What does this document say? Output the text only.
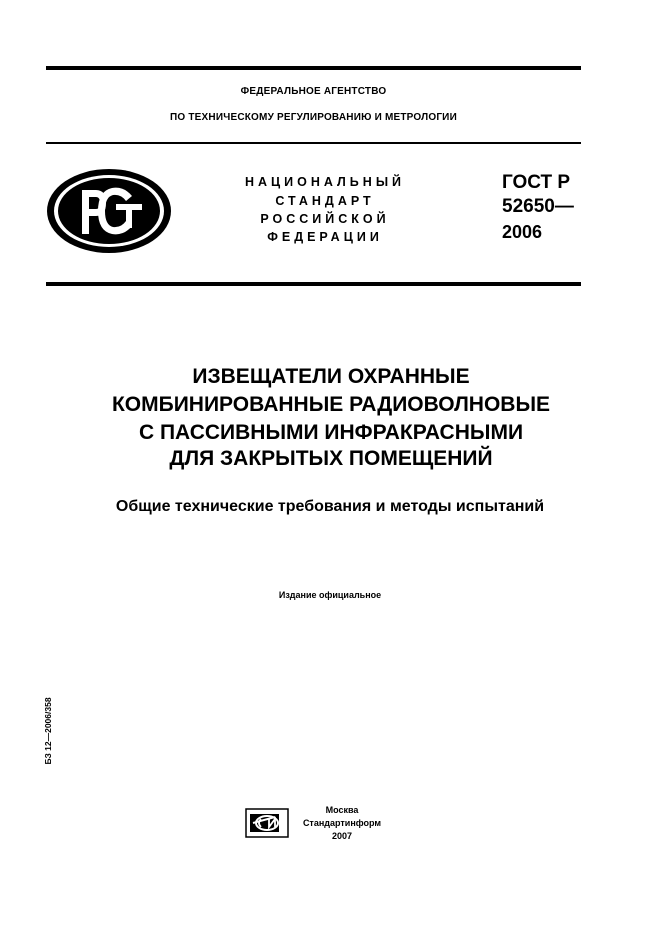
ФЕДЕРАЛЬНОЕ АГЕНТСТВО
ПО ТЕХНИЧЕСКОМУ РЕГУЛИРОВАНИЮ И МЕТРОЛОГИИ
НАЦИОНАЛЬНЫЙ
СТАНДАРТ
РОССИЙСКОЙ
ФЕДЕРАЦИИ
ГОСТ Р
52650—
2006
ИЗВЕЩАТЕЛИ ОХРАННЫЕ
КОМБИНИРОВАННЫЕ РАДИОВОЛНОВЫЕ
С ПАССИВНЫМИ ИНФРАКРАСНЫМИ
ДЛЯ ЗАКРЫТЫХ ПОМЕЩЕНИЙ
Общие технические требования и методы испытаний
Издание официальное
БЗ 12—2006/358
Москва
Стандартинформ
2007
